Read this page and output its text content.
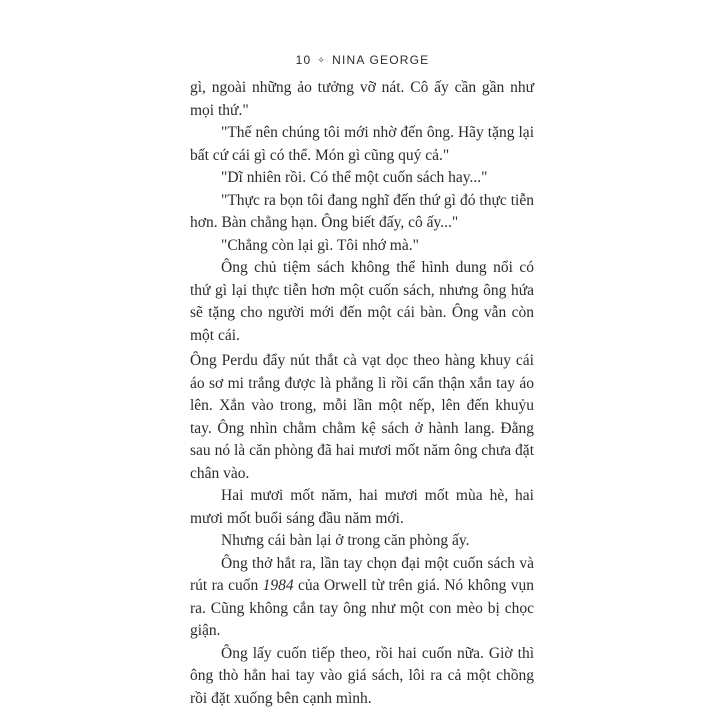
10 ✧ NINA GEORGE

gì, ngoài những ảo tưởng vỡ nát. Cô ấy cần gần như mọi thứ."

"Thế nên chúng tôi mới nhờ đến ông. Hãy tặng lại bất cứ cái gì có thể. Món gì cũng quý cả."

"Dĩ nhiên rồi. Có thể một cuốn sách hay..."

"Thực ra bọn tôi đang nghĩ đến thứ gì đó thực tiễn hơn. Bàn chẳng hạn. Ông biết đấy, cô ấy..."

"Chẳng còn lại gì. Tôi nhớ mà."

Ông chủ tiệm sách không thể hình dung nổi có thứ gì lại thực tiễn hơn một cuốn sách, nhưng ông hứa sẽ tặng cho người mới đến một cái bàn. Ông vẫn còn một cái.

Ông Perdu đẩy nút thắt cà vạt dọc theo hàng khuy cái áo sơ mi trắng được là phẳng lì rồi cẩn thận xắn tay áo lên. Xắn vào trong, mỗi lần một nếp, lên đến khuỷu tay. Ông nhìn chằm chằm kệ sách ở hành lang. Đằng sau nó là căn phòng đã hai mươi mốt năm ông chưa đặt chân vào.

Hai mươi mốt năm, hai mươi mốt mùa hè, hai mươi mốt buổi sáng đầu năm mới.

Nhưng cái bàn lại ở trong căn phòng ấy.

Ông thở hắt ra, lần tay chọn đại một cuốn sách và rút ra cuốn 1984 của Orwell từ trên giá. Nó không vụn ra. Cũng không cắn tay ông như một con mèo bị chọc giận.

Ông lấy cuốn tiếp theo, rồi hai cuốn nữa. Giờ thì ông thò hẳn hai tay vào giá sách, lôi ra cả một chồng rồi đặt xuống bên cạnh mình.
